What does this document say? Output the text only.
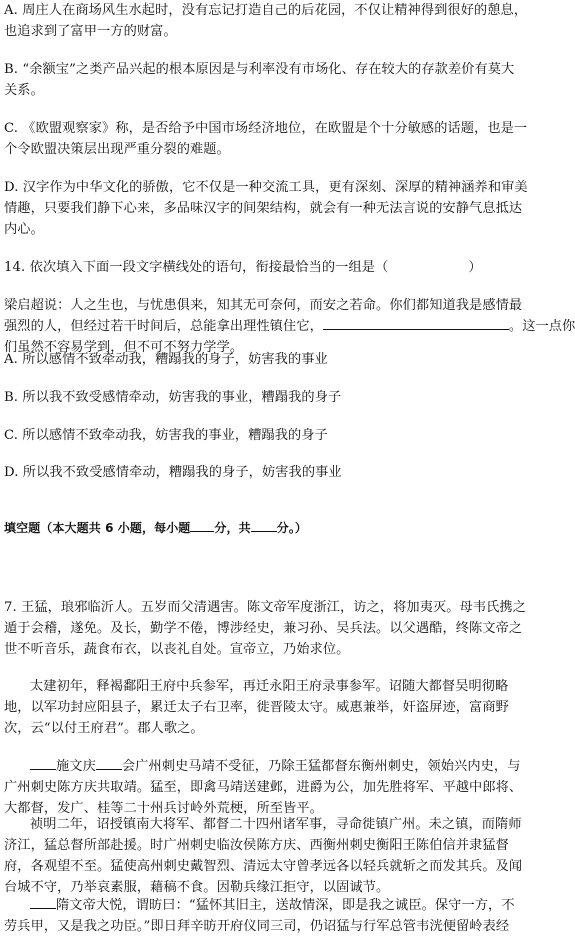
A. 周庄人在商场风生水起时，没有忘记打造自己的后花园，不仅让精神得到很好的憩息，
也追求到了富甲一方的财富。
B. “余额宝”之类产品兴起的根本原因是与利率没有市场化、存在较大的存款差价有莫大
关系。
C. 《欧盟观察家》称，是否给予中国市场经济地位，在欧盟是个十分敏感的话题，也是一
个令欧盟决策层出现严重分裂的难题。
D. 汉字作为中华文化的骄傲，它不仅是一种交流工具，更有深刻、深厚的精神涵养和审美
情趣，只要我们静下心来，多品味汉字的间架结构，就会有一种无法言说的安静气息抵达
内心。
14. 依次填入下面一段文字横线处的语句，衔接最恰当的一组是（	）
梁启超说：人之生也，与忧患俱来，知其无可奈何，而安之若命。你们都知道我是感情最
强烈的人，但经过若干时间后，总能拿出理性镇住它，	。这一点你
们虽然不容易学到，但不可不努力学学。
A. 所以感情不致牵动我，糟蹋我的身子，妨害我的事业
B. 所以我不致受感情牵动，妨害我的事业，糟蹋我的身子
C. 所以感情不致牵动我，妨害我的事业，糟蹋我的身子
D. 所以我不致受感情牵动，糟蹋我的身子，妨害我的事业
填空题（本大题共 6 小题，每小题 分，共 分。）
7. 王猛，琅邪临沂人。五岁而父清遇害。陈文帝军度浙江，访之，将加夷灭。母韦氏携之
遁于会稽，遂免。及长，勤学不倦，博涉经史，兼习孙、吴兵法。以父遇酷，终陈文帝之
世不听音乐，蔬食布衣，以丧礼自处。宣帝立，乃始求位。
太建初年，释褐鄱阳王府中兵参军，再迁永阳王府录事参军。诏随大都督吴明彻略
地，以军功封应阳县子，累迁太子右卫率，徙晋陵太守。威惠兼举，奸盗屏迹，富商野
次，云“以付王府君”。郡人歌之。
施文庆 会广州刺史马靖不受征，乃除王猛都督东衡州刺史，领始兴内史，与
广州刺史陈方庆共取靖。猛至，即禽马靖送建邺，进爵为公，加先胜将军、平越中郎将、
大都督，发广、桂等二十州兵讨岭外荒梗，所至皆平。
祯明二年，诏授镇南大将军、都督二十四州诸军事，寻命徙镇广州。未之镇，而隋师
济江，猛总督所部赴援。时广州刺史临汝侯陈方庆、西衡州刺史衡阳王陈伯信并隶猛督
府，各观望不至。猛使高州刺史戴智烈、清远太守曾孝远各以轻兵就斩之而发其兵。及闻
台城不守，乃举哀素服，藉稿不食。因勒兵缘江拒守，以固诚节。
隋文帝大悦，谓昉曰：“猛怀其旧主，送故情深，即是我之诚臣。保守一方，不
劳兵甲，又是我之功臣。”即日拜辛昉开府仪同三司，仍诏猛与行军总管韦洸便留岭表经
